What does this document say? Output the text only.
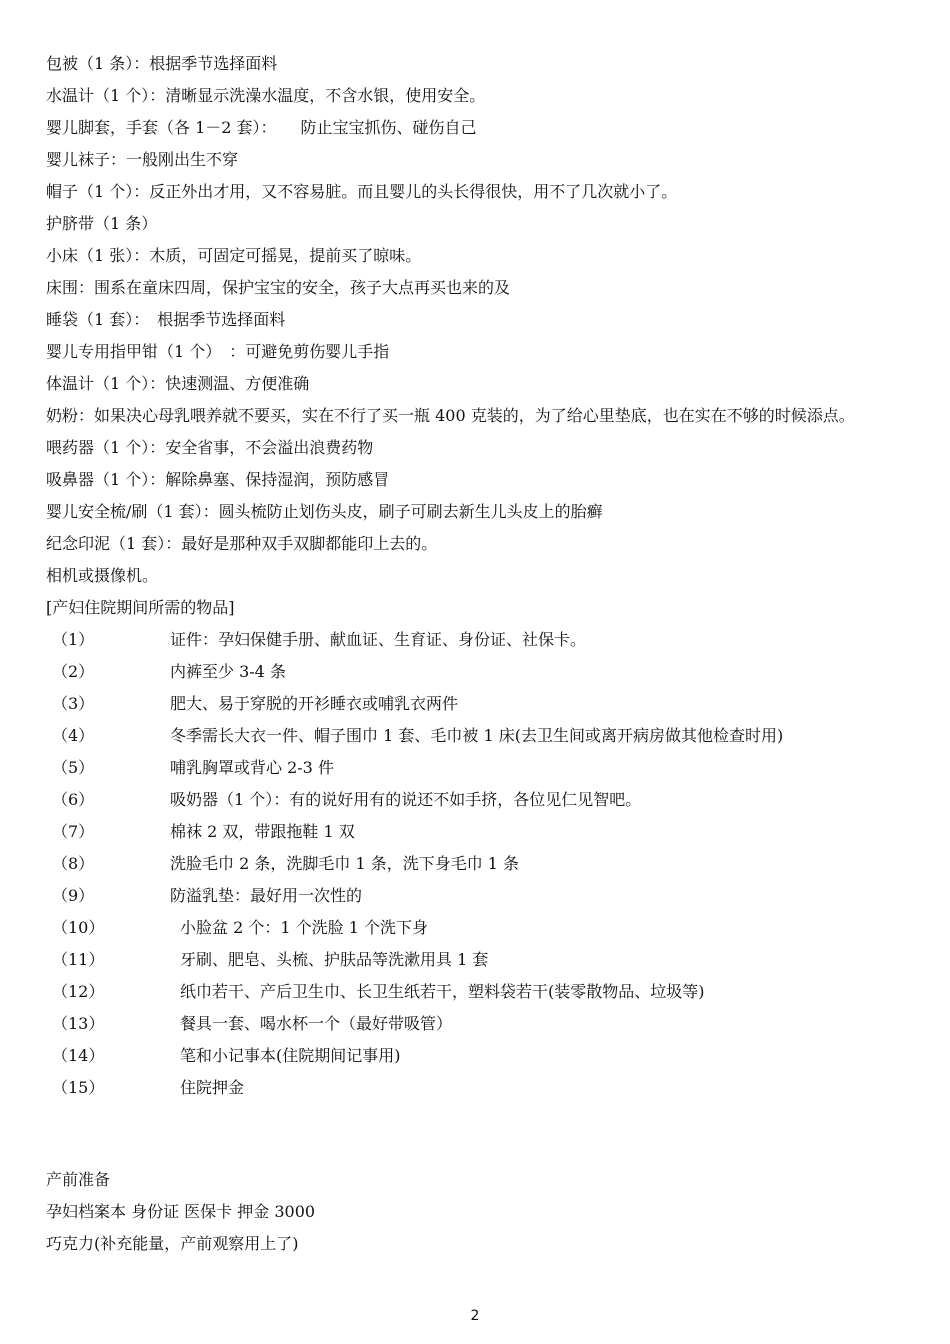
包被（1 条）：根据季节选择面料
水温计（1 个）：清晰显示洗澡水温度，不含水银，使用安全。
婴儿脚套，手套（各 1－2 套）：　　防止宝宝抓伤、碰伤自己
婴儿袜子：一般刚出生不穿
帽子（1 个）：反正外出才用，又不容易脏。而且婴儿的头长得很快，用不了几次就小了。
护脐带（1 条）
小床（1 张）：木质，可固定可摇晃，提前买了晾味。
床围：围系在童床四周，保护宝宝的安全，孩子大点再买也来的及
睡袋（1 套）：　根据季节选择面料
婴儿专用指甲钳（1 个）　：可避免剪伤婴儿手指
体温计（1 个）：快速测温、方便准确
奶粉：如果决心母乳喂养就不要买，实在不行了买一瓶 400 克装的，为了给心里垫底，也在实在不够的时候添点。
喂药器（1 个）：安全省事，不会溢出浪费药物
吸鼻器（1 个）：解除鼻塞、保持湿润，预防感冒
婴儿安全梳/刷（1 套）：圆头梳防止划伤头皮，刷子可刷去新生儿头皮上的胎癣
纪念印泥（1 套）：最好是那种双手双脚都能印上去的。
相机或摄像机。
[产妇住院期间所需的物品]
（1）	证件：孕妇保健手册、献血证、生育证、身份证、社保卡。
（2）	内裤至少 3-4 条
（3）	肥大、易于穿脱的开衫睡衣或哺乳衣两件
（4）	冬季需长大衣一件、帽子围巾 1 套、毛巾被 1 床(去卫生间或离开病房做其他检查时用)
（5）	哺乳胸罩或背心 2-3 件
（6）	吸奶器（1 个）：有的说好用有的说还不如手挤，各位见仁见智吧。
（7）	棉袜 2 双，带跟拖鞋 1 双
（8）	洗脸毛巾 2 条，洗脚毛巾 1 条，洗下身毛巾 1 条
（9）	防溢乳垫：最好用一次性的
（10）	小脸盆 2 个：1 个洗脸 1 个洗下身
（11）	牙刷、肥皂、头梳、护肤品等洗漱用具 1 套
（12）	纸巾若干、产后卫生巾、长卫生纸若干，塑料袋若干(装零散物品、垃圾等)
（13）	餐具一套、喝水杯一个（最好带吸管）
（14）	笔和小记事本(住院期间记事用)
（15）	住院押金
产前准备
孕妇档案本 身份证 医保卡 押金 3000
巧克力(补充能量，产前观察用上了)
2
